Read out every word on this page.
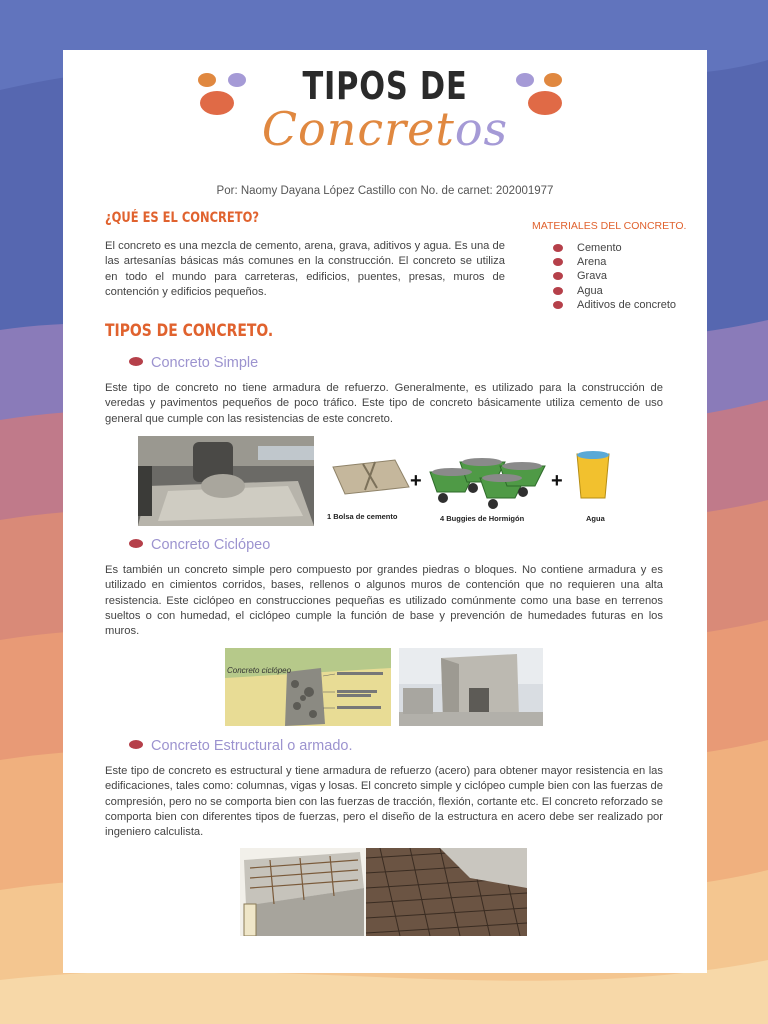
TIPOS DE
Concretos
Por: Naomy Dayana López Castillo con No. de carnet: 202001977
¿QUÉ ES EL CONCRETO?
El concreto es una mezcla de cemento, arena, grava, aditivos y agua. Es una de las artesanías básicas más comunes en la construcción. El concreto se utiliza en todo el mundo para carreteras, edificios, puentes, presas, muros de contención y edificios pequeños.
MATERIALES DEL CONCRETO.
Cemento
Arena
Grava
Agua
Aditivos de concreto
TIPOS DE CONCRETO.
Concreto Simple
Este tipo de concreto no tiene armadura de refuerzo. Generalmente, es utilizado para la construcción de veredas y pavimentos pequeños de poco tráfico. Este tipo de concreto básicamente utiliza cemento de uso general que cumple con las resistencias de este concreto.
+	+
1 Bolsa de cemento	4 Buggies de Hormigón	Agua
Concreto Ciclópeo
Es también un concreto simple pero compuesto por grandes piedras o bloques. No contiene armadura y es utilizado en cimientos corridos, bases, rellenos o algunos muros de contención que no requieren una alta resistencia. Este ciclópeo en construcciones pequeñas es utilizado comúnmente como una base en terrenos sueltos o con humedad, el ciclópeo cumple la función de base y prevención de humedades futuras en los muros.
Concreto ciclópeo
Concreto Estructural o armado.
Este tipo de concreto es estructural y tiene armadura de refuerzo (acero) para obtener mayor resistencia en las edificaciones, tales como: columnas, vigas y losas. El concreto simple y ciclópeo cumple bien con las fuerzas de compresión, pero no se comporta bien con las fuerzas de tracción, flexión, cortante etc. El concreto reforzado se comporta bien con diferentes tipos de fuerzas, pero el diseño de la estructura en acero debe ser realizado por ingeniero calculista.
